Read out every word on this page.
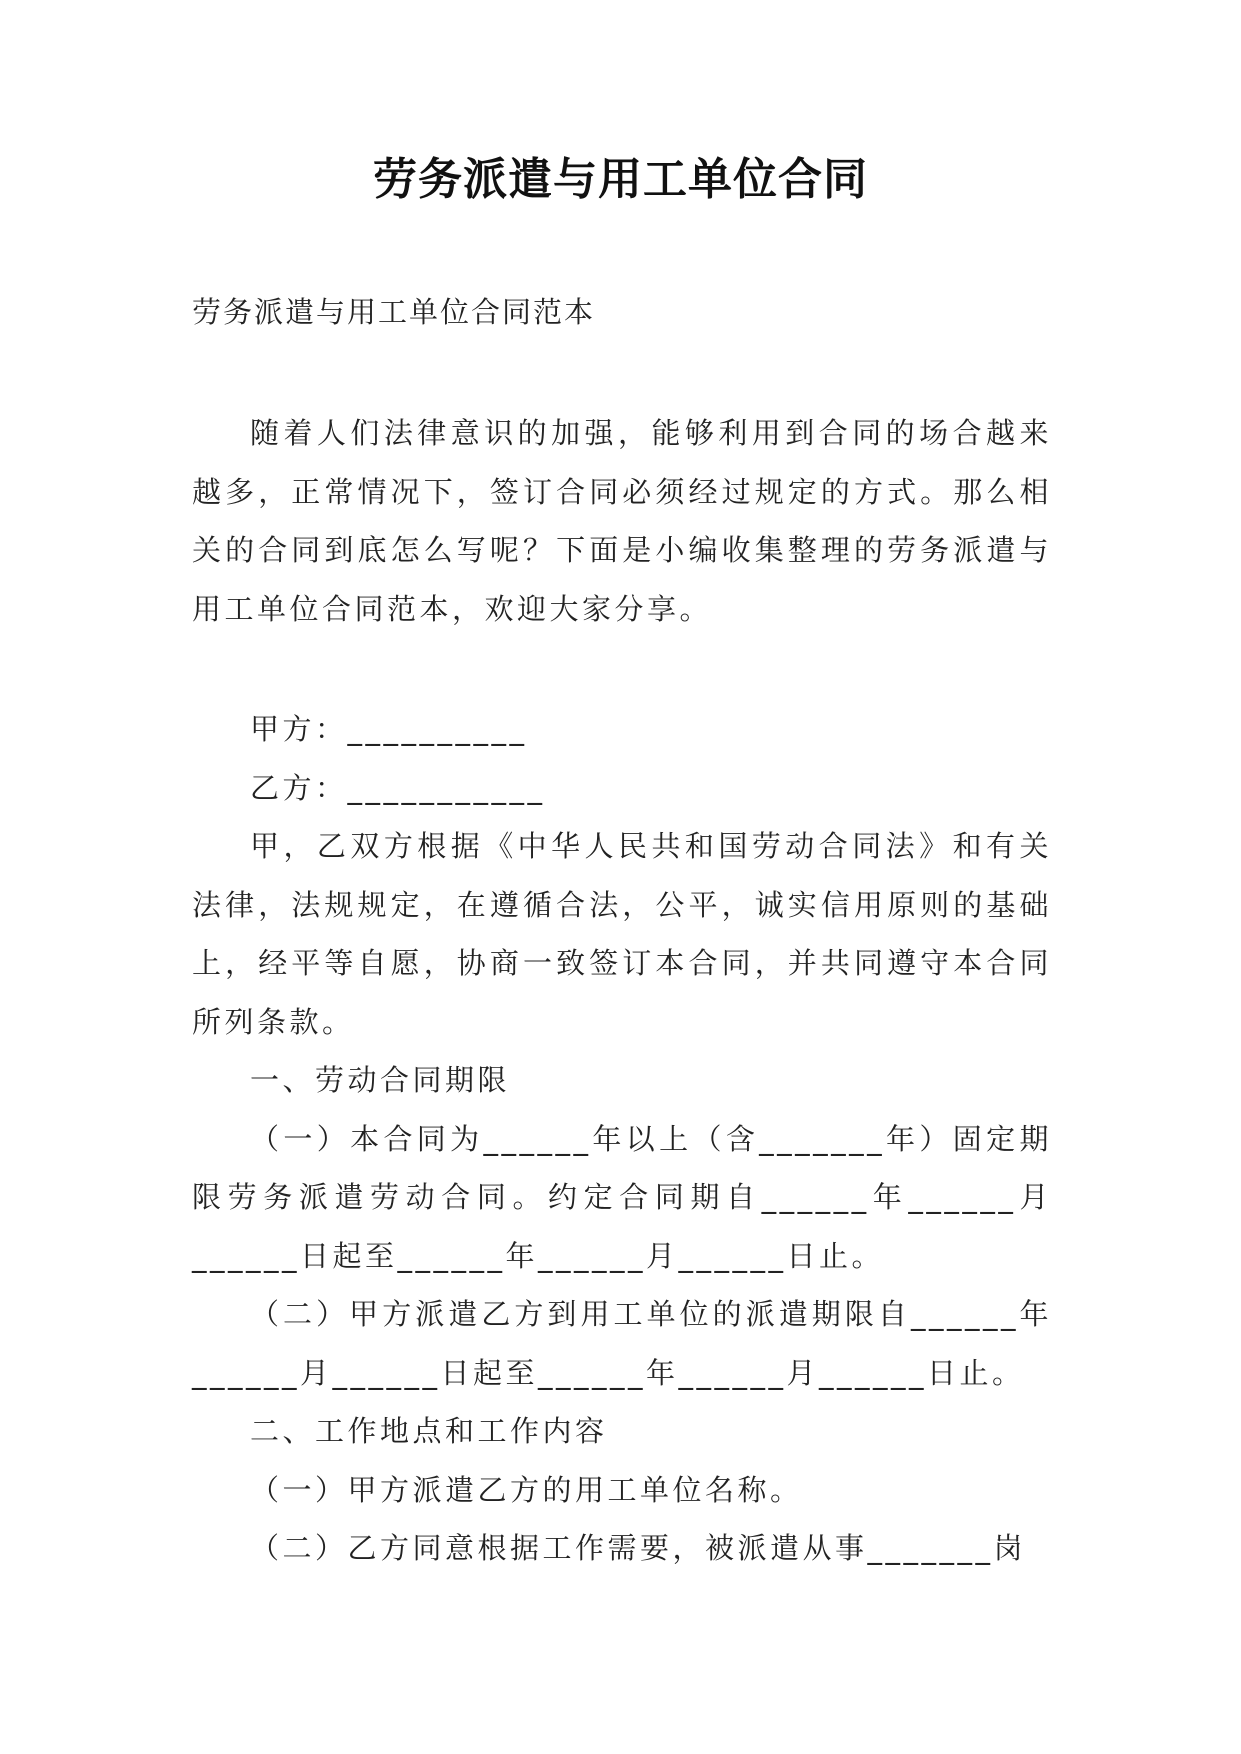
劳务派遣与用工单位合同
劳务派遣与用工单位合同范本

随着人们法律意识的加强，能够利用到合同的场合越来越多，正常情况下，签订合同必须经过规定的方式。那么相关的合同到底怎么写呢？下面是小编收集整理的劳务派遣与用工单位合同范本，欢迎大家分享。

甲方：__________

乙方：___________

甲，乙双方根据《中华人民共和国劳动合同法》和有关法律，法规规定，在遵循合法，公平，诚实信用原则的基础上，经平等自愿，协商一致签订本合同，并共同遵守本合同所列条款。

一、劳动合同期限

（一）本合同为______年以上（含_______年）固定期限劳务派遣劳动合同。约定合同期自______年______月______日起至______年______月______日止。

（二）甲方派遣乙方到用工单位的派遣期限自______年______月______日起至______年______月______日止。

二、工作地点和工作内容

（一）甲方派遣乙方的用工单位名称。

（二）乙方同意根据工作需要，被派遣从事_______岗
